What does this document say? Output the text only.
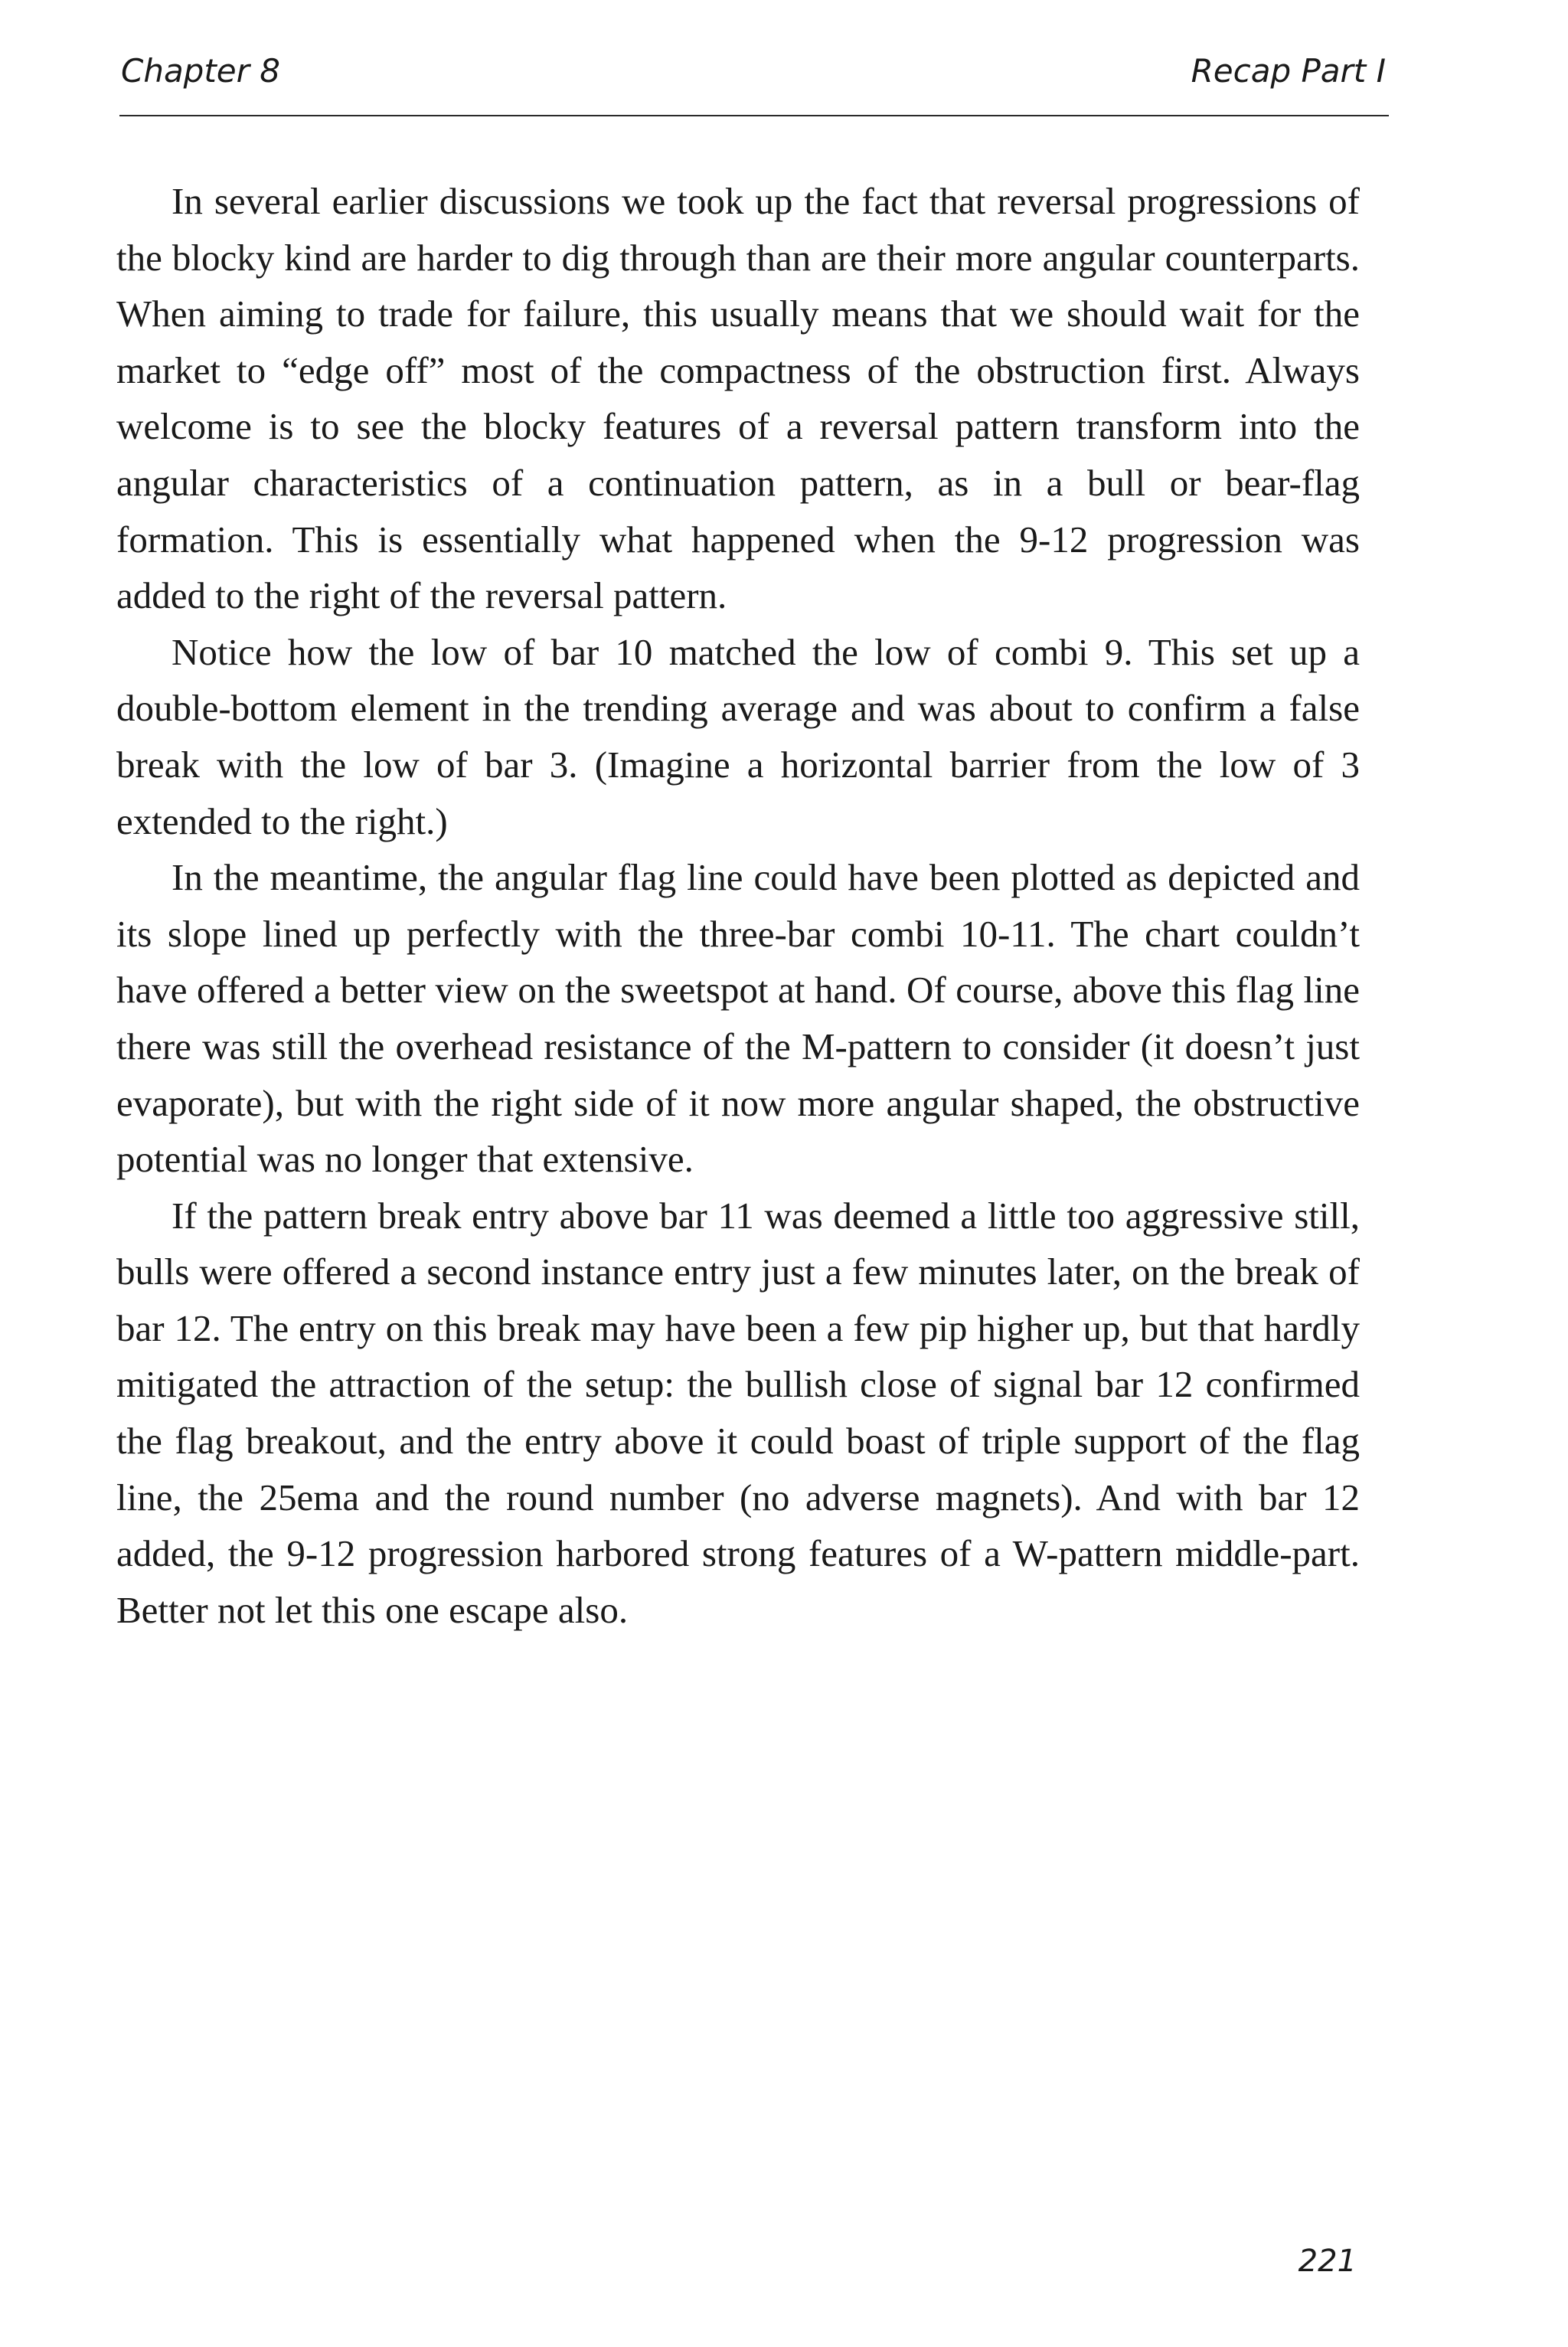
Chapter 8	Recap Part I

In several earlier discussions we took up the fact that reversal progressions of the blocky kind are harder to dig through than are their more angular counterparts. When aiming to trade for failure, this usually means that we should wait for the market to “edge off” most of the compactness of the obstruction first. Always welcome is to see the blocky features of a reversal pattern transform into the angular characteristics of a continuation pattern, as in a bull or bear-flag formation. This is essentially what happened when the 9-12 progression was added to the right of the reversal pattern.

Notice how the low of bar 10 matched the low of combi 9. This set up a double-bottom element in the trending average and was about to confirm a false break with the low of bar 3. (Imagine a horizontal barrier from the low of 3 extended to the right.)

In the meantime, the angular flag line could have been plotted as depicted and its slope lined up perfectly with the three-bar combi 10-11. The chart couldn’t have offered a better view on the sweetspot at hand. Of course, above this flag line there was still the overhead resistance of the M-pattern to consider (it doesn’t just evaporate), but with the right side of it now more angular shaped, the obstructive potential was no longer that extensive.

If the pattern break entry above bar 11 was deemed a little too aggressive still, bulls were offered a second instance entry just a few minutes later, on the break of bar 12. The entry on this break may have been a few pip higher up, but that hardly mitigated the attraction of the setup: the bullish close of signal bar 12 confirmed the flag breakout, and the entry above it could boast of triple support of the flag line, the 25ema and the round number (no adverse magnets). And with bar 12 added, the 9-12 progression harbored strong features of a W-pattern middle-part. Better not let this one escape also.

221
